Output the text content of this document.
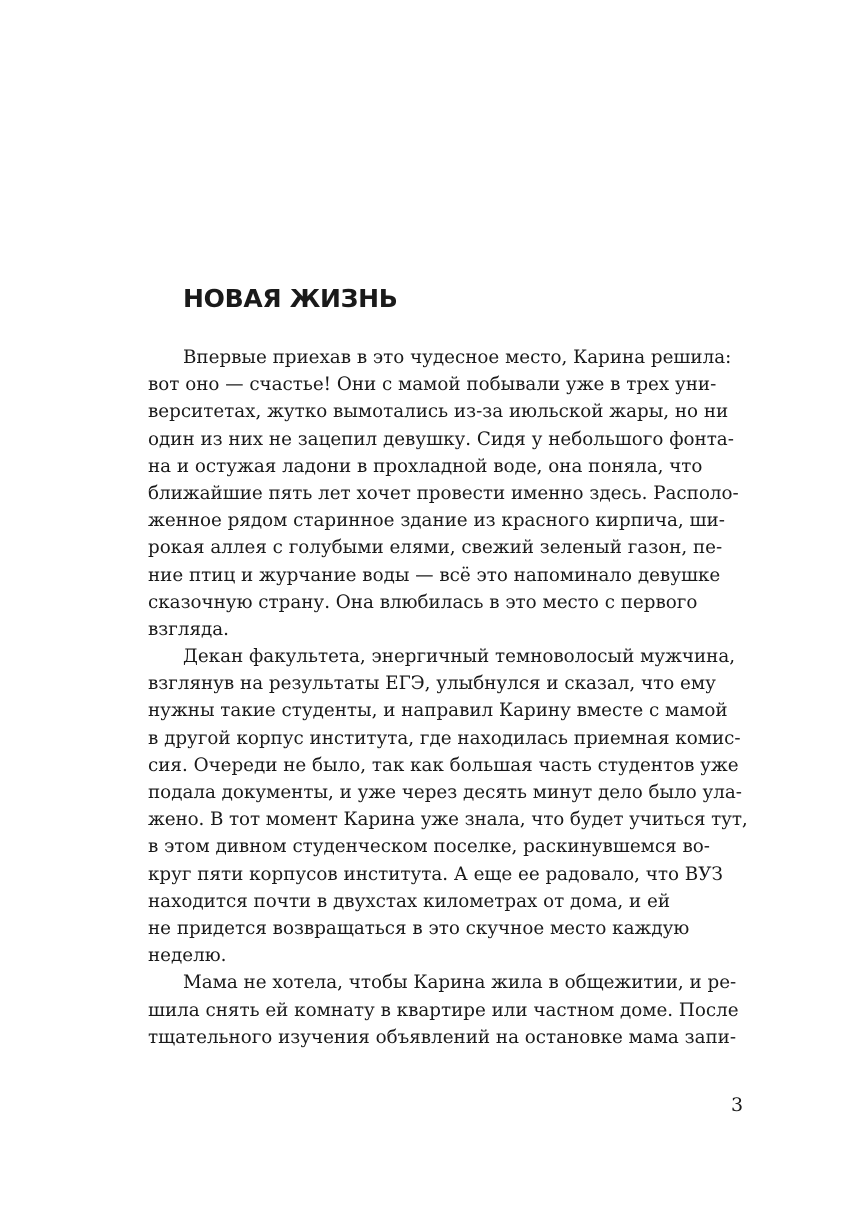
НОВАЯ ЖИЗНЬ
Впервые приехав в это чудесное место, Карина решила:
вот оно — счастье! Они с мамой побывали уже в трех уни-
верситетах, жутко вымотались из-за июльской жары, но ни
один из них не зацепил девушку. Сидя у небольшого фонта-
на и остужая ладони в прохладной воде, она поняла, что
ближайшие пять лет хочет провести именно здесь. Располо-
женное рядом старинное здание из красного кирпича, ши-
рокая аллея с голубыми елями, свежий зеленый газон, пе-
ние птиц и журчание воды — всё это напоминало девушке
сказочную страну. Она влюбилась в это место с первого
взгляда.
Декан факультета, энергичный темноволосый мужчина,
взглянув на результаты ЕГЭ, улыбнулся и сказал, что ему
нужны такие студенты, и направил Карину вместе с мамой
в другой корпус института, где находилась приемная комис-
сия. Очереди не было, так как большая часть студентов уже
подала документы, и уже через десять минут дело было ула-
жено. В тот момент Карина уже знала, что будет учиться тут,
в этом дивном студенческом поселке, раскинувшемся во-
круг пяти корпусов института. А еще ее радовало, что ВУЗ
находится почти в двухстах километрах от дома, и ей
не придется возвращаться в это скучное место каждую
неделю.
Мама не хотела, чтобы Карина жила в общежитии, и ре-
шила снять ей комнату в квартире или частном доме. После
тщательного изучения объявлений на остановке мама запи-
3
